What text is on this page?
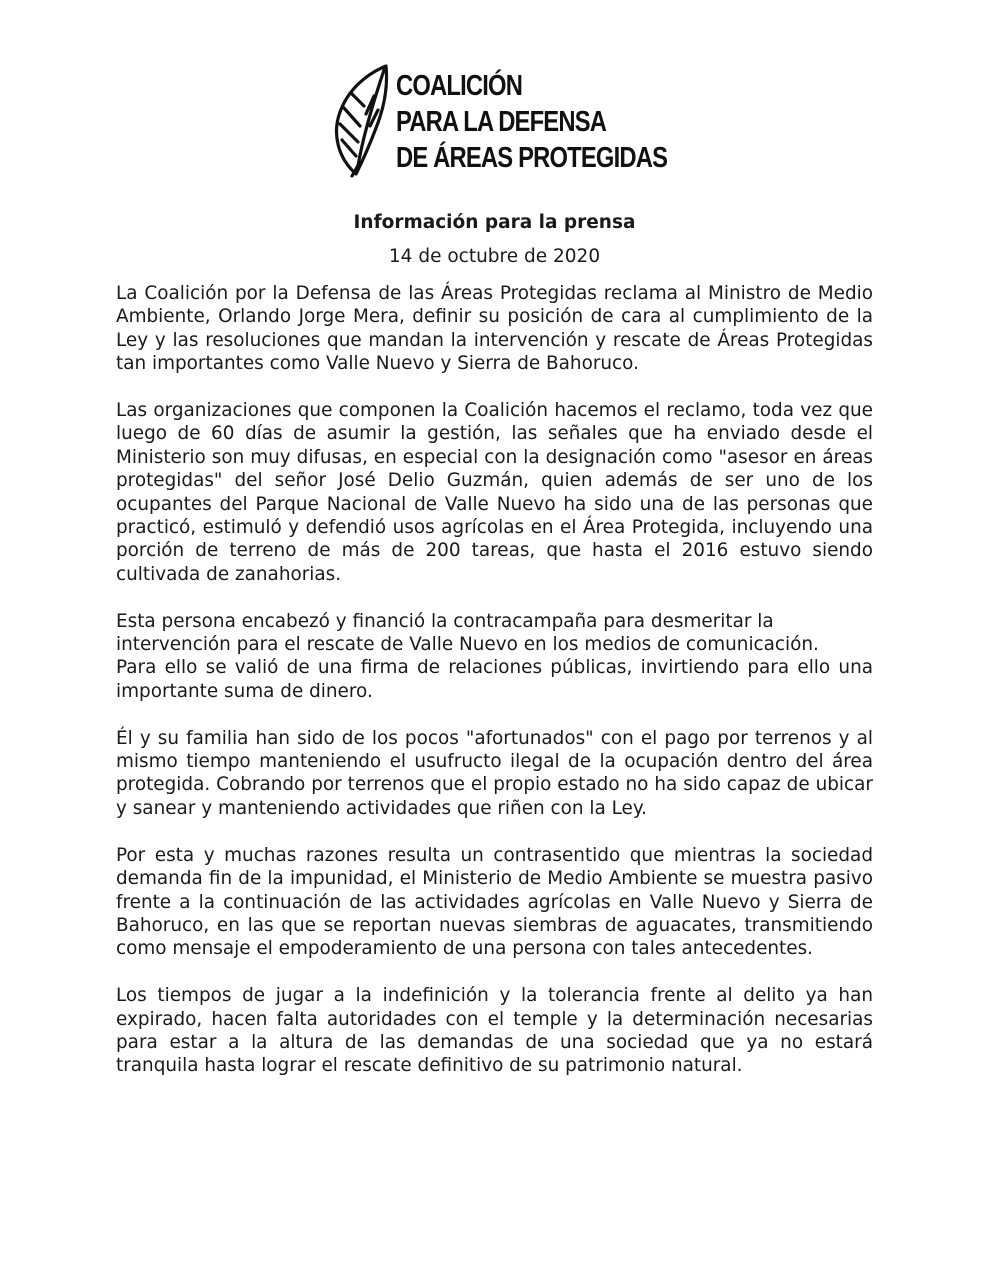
COALICIÓN
PARA LA DEFENSA
DE ÁREAS PROTEGIDAS
Información para la prensa
14 de octubre de 2020

La Coalición por la Defensa de las Áreas Protegidas reclama al Ministro de Medio Ambiente, Orlando Jorge Mera, definir su posición de cara al cumplimiento de la Ley y las resoluciones que mandan la intervención y rescate de Áreas Protegidas tan importantes como Valle Nuevo y Sierra de Bahoruco.

Las organizaciones que componen la Coalición hacemos el reclamo, toda vez que luego de 60 días de asumir la gestión, las señales que ha enviado desde el Ministerio son muy difusas, en especial con la designación como "asesor en áreas protegidas" del señor José Delio Guzmán, quien además de ser uno de los ocupantes del Parque Nacional de Valle Nuevo ha sido una de las personas que practicó, estimuló y defendió usos agrícolas en el Área Protegida, incluyendo una porción de terreno de más de 200 tareas, que hasta el 2016 estuvo siendo cultivada de zanahorias.

Esta persona encabezó y financió la contracampaña para desmeritar la intervención para el rescate de Valle Nuevo en los medios de comunicación.

Para ello se valió de una firma de relaciones públicas, invirtiendo para ello una importante suma de dinero.

Él y su familia han sido de los pocos "afortunados" con el pago por terrenos y al mismo tiempo manteniendo el usufructo ilegal de la ocupación dentro del área protegida. Cobrando por terrenos que el propio estado no ha sido capaz de ubicar y sanear y manteniendo actividades que riñen con la Ley.

Por esta y muchas razones resulta un contrasentido que mientras la sociedad demanda fin de la impunidad, el Ministerio de Medio Ambiente se muestra pasivo frente a la continuación de las actividades agrícolas en Valle Nuevo y Sierra de Bahoruco, en las que se reportan nuevas siembras de aguacates, transmitiendo como mensaje el empoderamiento de una persona con tales antecedentes.

Los tiempos de jugar a la indefinición y la tolerancia frente al delito ya han expirado, hacen falta autoridades con el temple y la determinación necesarias para estar a la altura de las demandas de una sociedad que ya no estará tranquila hasta lograr el rescate definitivo de su patrimonio natural.
